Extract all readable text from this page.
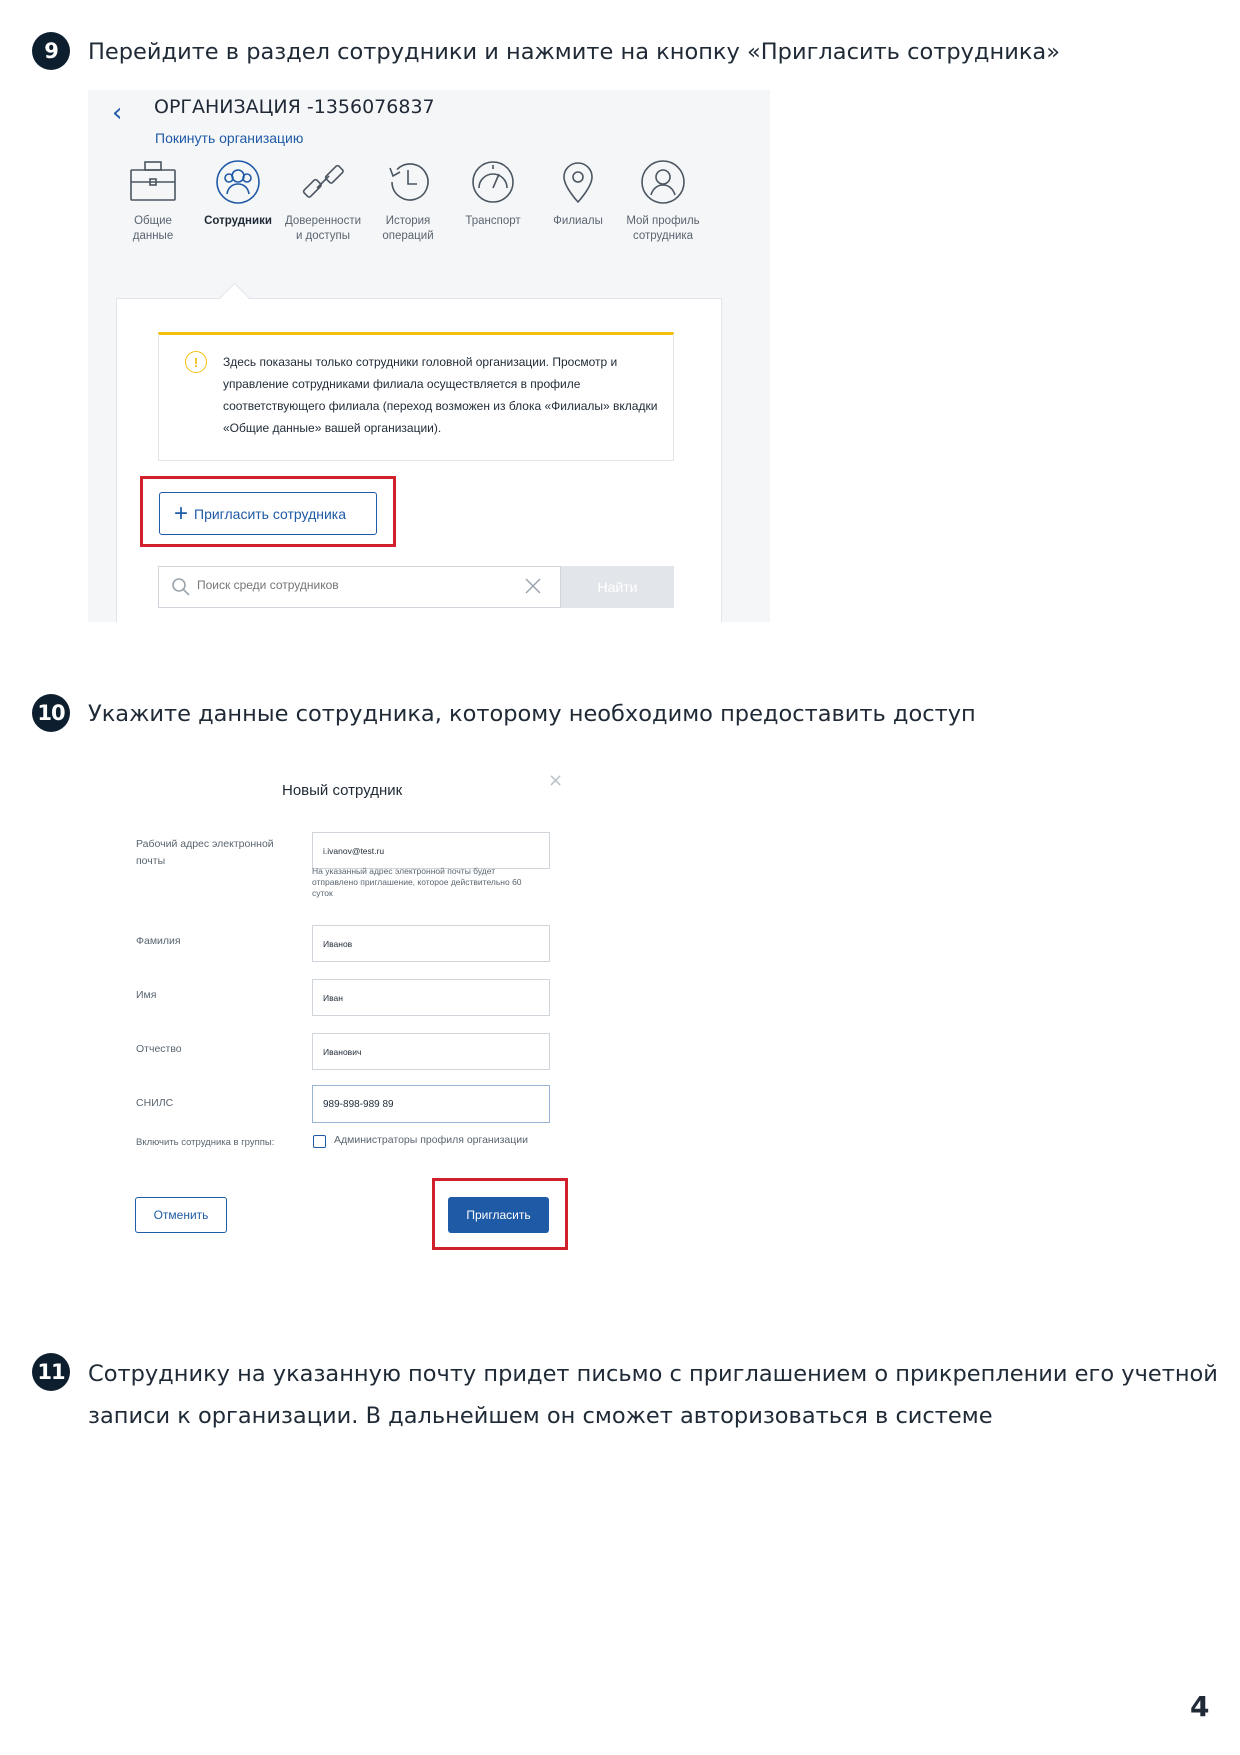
9	Перейдите в раздел сотрудники и нажмите на кнопку «Пригласить сотрудника»
‹ ОРГАНИЗАЦИЯ -1356076837
Покинуть организацию
Общие
данные
Сотрудники	Доверенности
и доступы
История
операций
Транспорт	Филиалы	Мой профиль
сотрудника
!	Здесь показаны только сотрудники головной организации. Просмотр и управление сотрудниками филиала осуществляется в профиле соответствующего филиала (переход возможен из блока «Филиалы» вкладки «Общие данные» вашей организации).
+ Пригласить сотрудника
Поиск среди сотрудников
Найти
10 Укажите данные сотрудника, которому необходимо предоставить доступ
Новый сотрудник	×
Рабочий адрес электронной почты
i.ivanov@test.ru
На указанный адрес электронной почты будет отправлено приглашение, которое действительно 60 суток
Фамилия	Иванов
Имя	Иван
Отчество	Иванович
СНИЛС	989-898-989 89
Включить сотрудника в группы:	Администраторы профиля организации
Отменить	Пригласить
11 Сотруднику на указанную почту придет письмо с приглашением о прикреплении его учетной
записи к организации. В дальнейшем он сможет авторизоваться в системе
4
